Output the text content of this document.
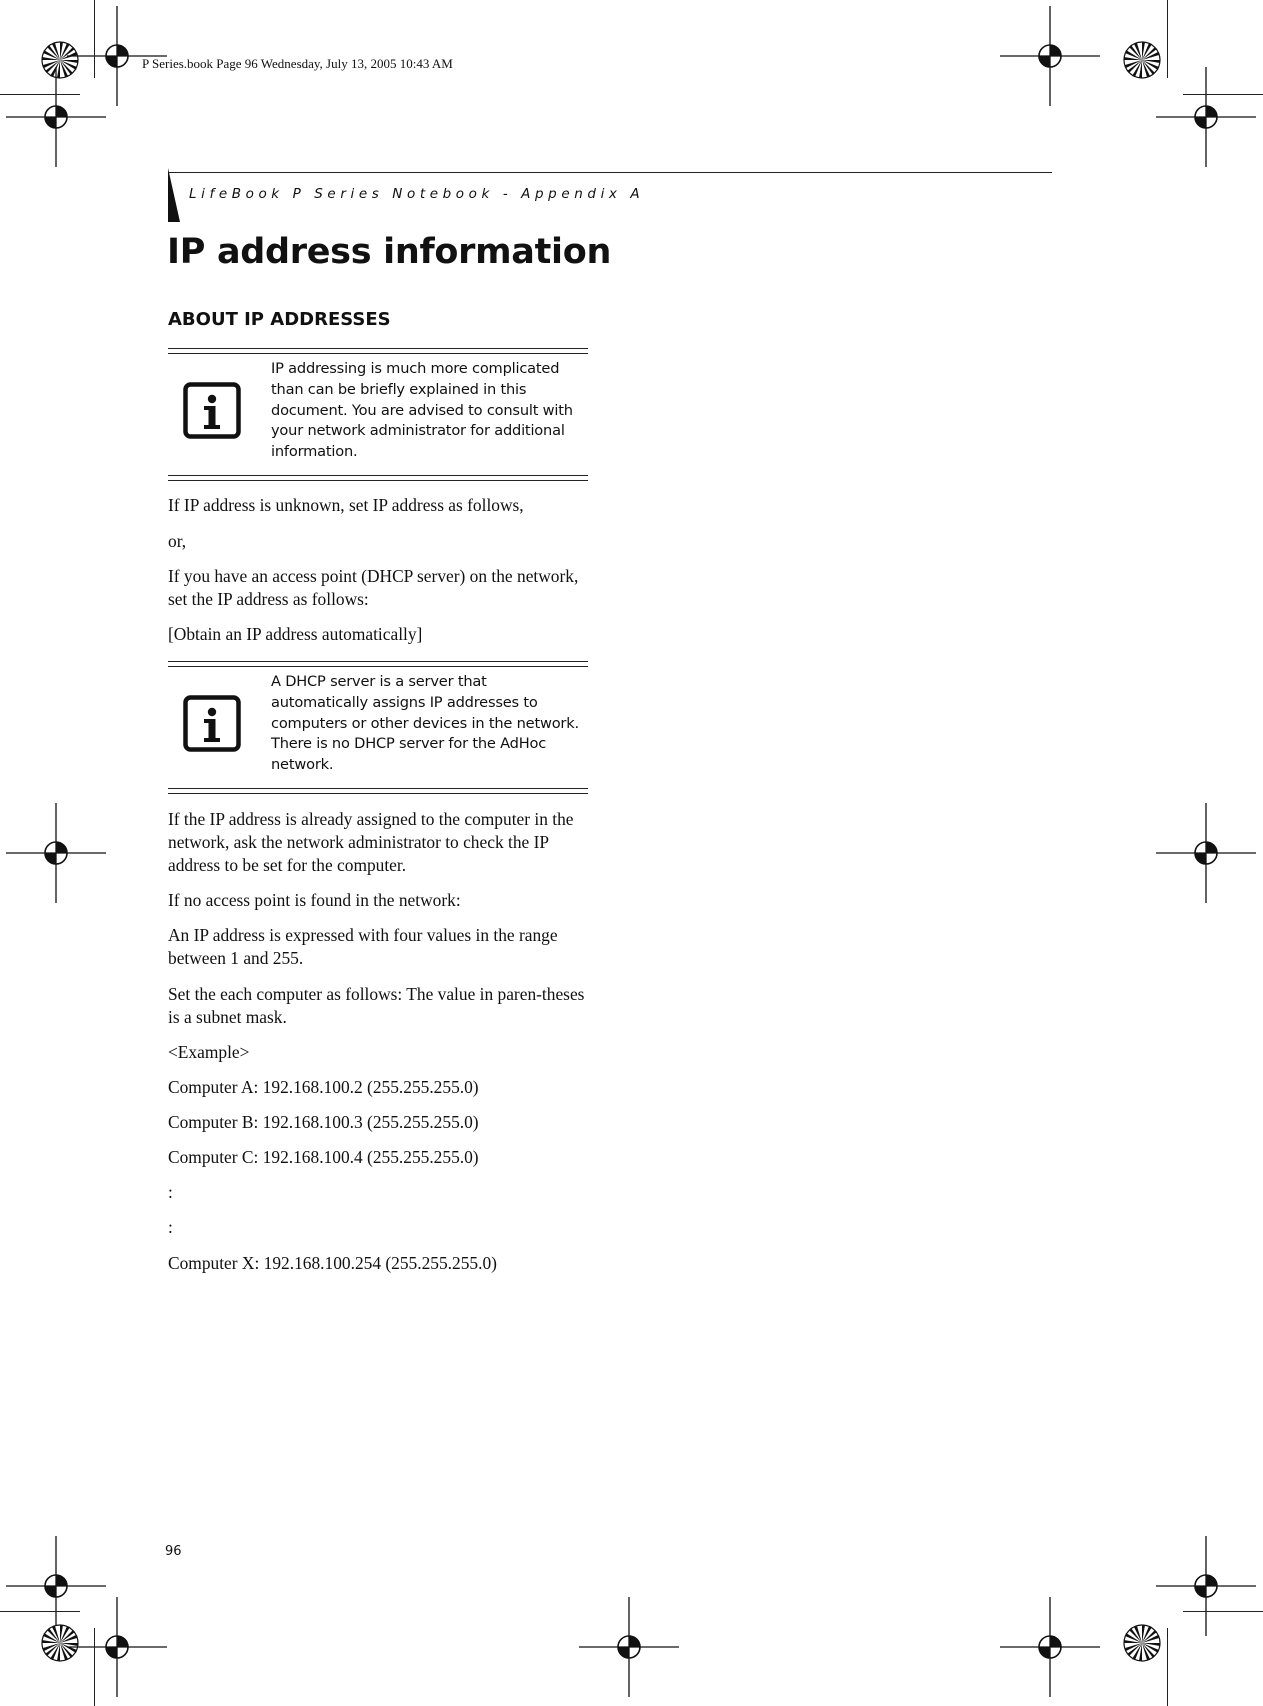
P Series.book Page 96 Wednesday, July 13, 2005 10:43 AM
LifeBook P Series Notebook - Appendix A
IP address information
ABOUT IP ADDRESSES
IP addressing is much more complicated than can be briefly explained in this document. You are advised to consult with your network administrator for additional information.

If IP address is unknown, set IP address as follows,

or,

If you have an access point (DHCP server) on the network, set the IP address as follows:

[Obtain an IP address automatically]

A DHCP server is a server that automatically assigns IP addresses to computers or other devices in the network. There is no DHCP server for the AdHoc network.

If the IP address is already assigned to the computer in the network, ask the network administrator to check the IP address to be set for the computer.

If no access point is found in the network:

An IP address is expressed with four values in the range between 1 and 255.

Set the each computer as follows: The value in paren-theses is a subnet mask.

<Example>

Computer A: 192.168.100.2 (255.255.255.0)

Computer B: 192.168.100.3 (255.255.255.0)

Computer C: 192.168.100.4 (255.255.255.0)

:

:

Computer X: 192.168.100.254 (255.255.255.0)

96
